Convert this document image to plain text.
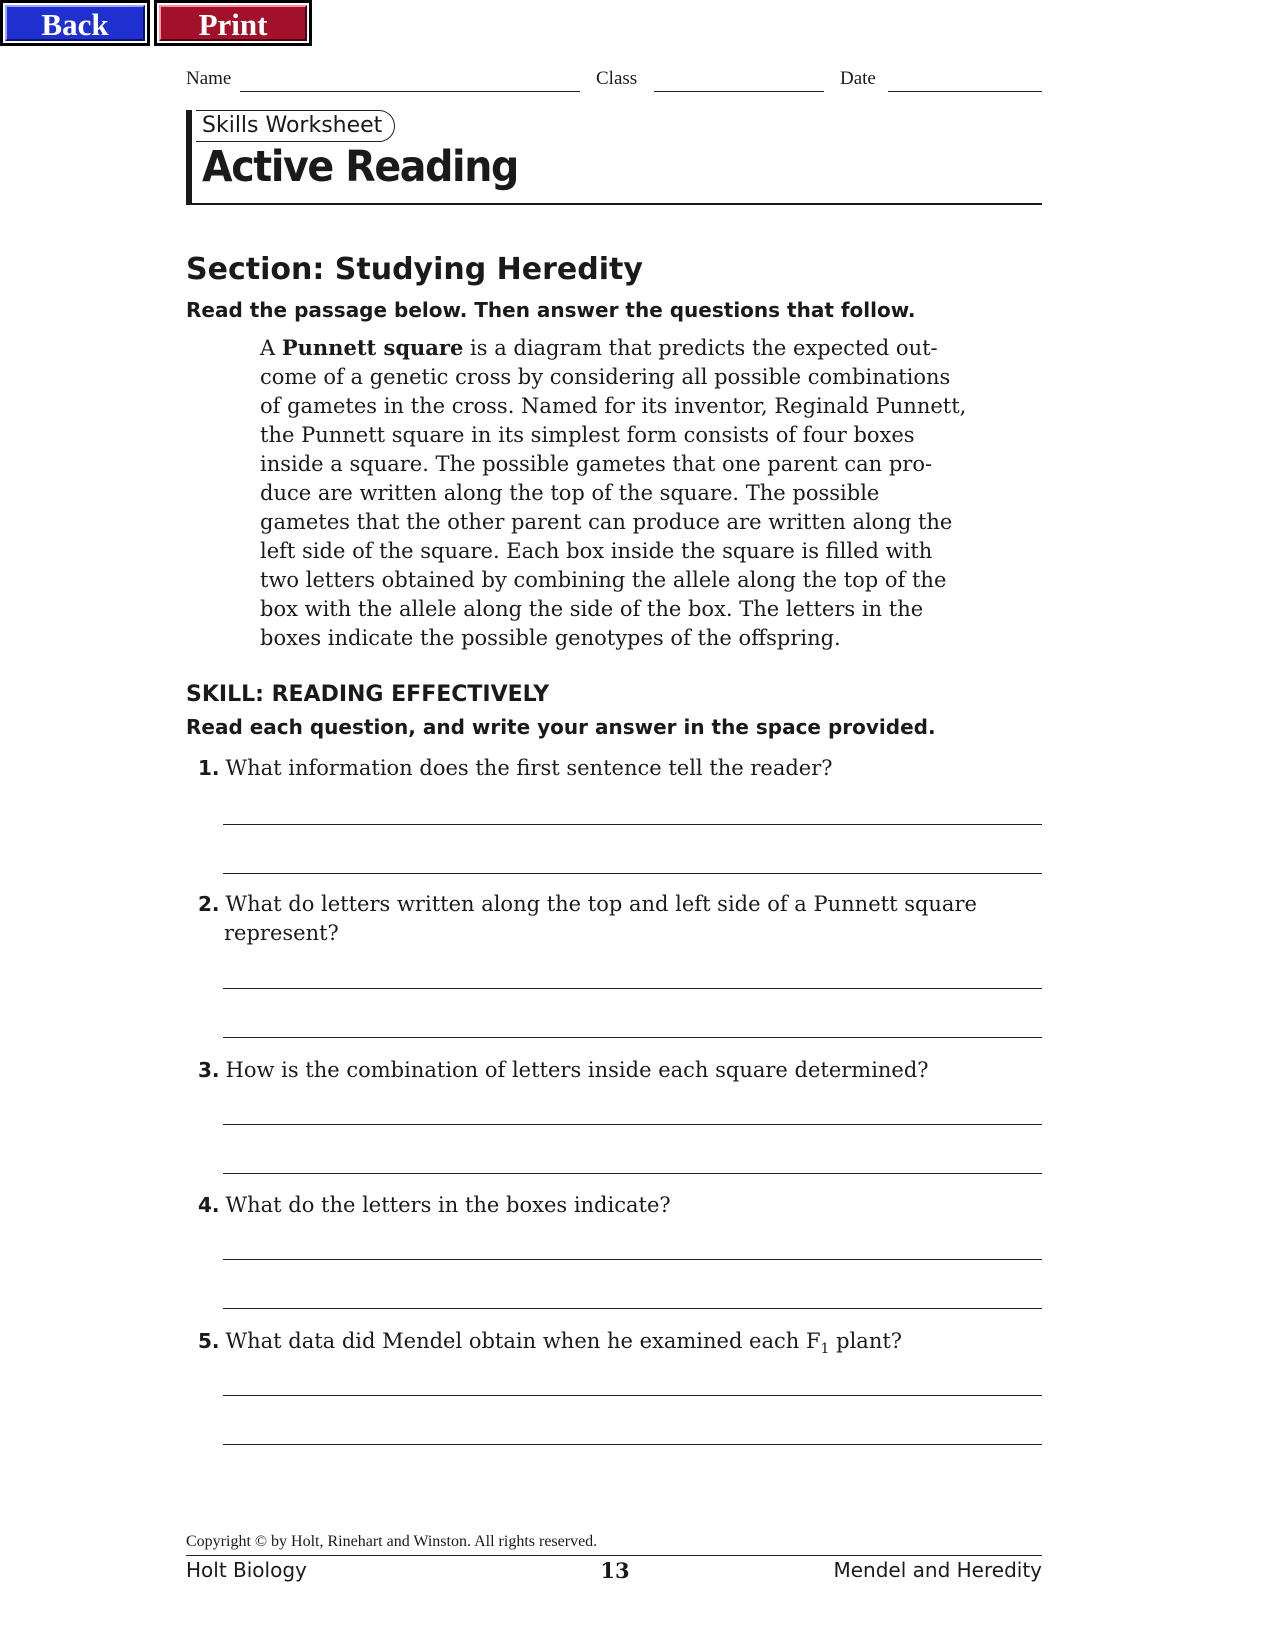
Back	Print
Name	Class	Date
Skills Worksheet
Active Reading
Section: Studying Heredity
Read the passage below. Then answer the questions that follow.
A Punnett square is a diagram that predicts the expected out-
come of a genetic cross by considering all possible combinations
of gametes in the cross. Named for its inventor, Reginald Punnett,
the Punnett square in its simplest form consists of four boxes
inside a square. The possible gametes that one parent can pro-
duce are written along the top of the square. The possible
gametes that the other parent can produce are written along the
left side of the square. Each box inside the square is filled with
two letters obtained by combining the allele along the top of the
box with the allele along the side of the box. The letters in the
boxes indicate the possible genotypes of the offspring.
SKILL: READING EFFECTIVELY
Read each question, and write your answer in the space provided.
1. What information does the first sentence tell the reader?
2. What do letters written along the top and left side of a Punnett square
represent?
3. How is the combination of letters inside each square determined?
4. What do the letters in the boxes indicate?
5. What data did Mendel obtain when he examined each $F_1$ plant?
Copyright © by Holt, Rinehart and Winston. All rights reserved.
Holt Biology	13	Mendel and Heredity
